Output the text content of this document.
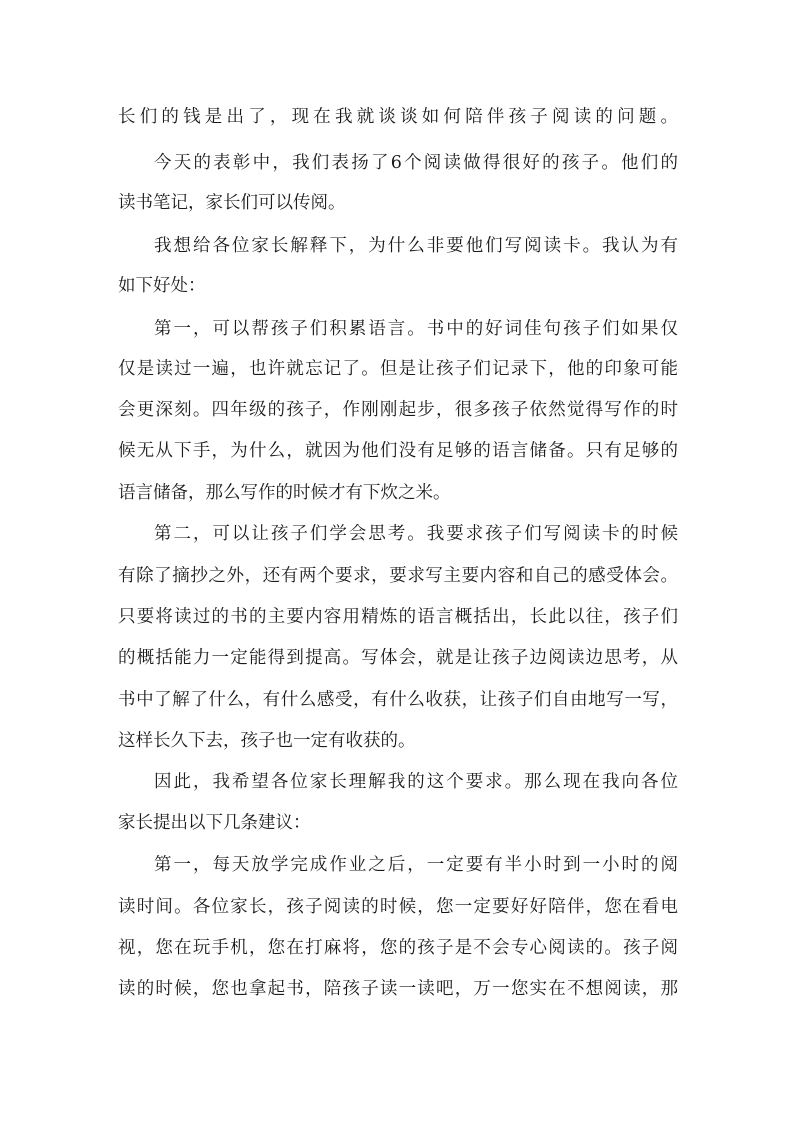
长们的钱是出了，现在我就谈谈如何陪伴孩子阅读的问题。
今天的表彰中，我们表扬了6个阅读做得很好的孩子。他们的
读书笔记，家长们可以传阅。
我想给各位家长解释下，为什么非要他们写阅读卡。我认为有
如下好处：
第一，可以帮孩子们积累语言。书中的好词佳句孩子们如果仅
仅是读过一遍，也许就忘记了。但是让孩子们记录下，他的印象可能
会更深刻。四年级的孩子，作刚刚起步，很多孩子依然觉得写作的时
候无从下手，为什么，就因为他们没有足够的语言储备。只有足够的
语言储备，那么写作的时候才有下炊之米。
第二，可以让孩子们学会思考。我要求孩子们写阅读卡的时候
有除了摘抄之外，还有两个要求，要求写主要内容和自己的感受体会。
只要将读过的书的主要内容用精炼的语言概括出，长此以往，孩子们
的概括能力一定能得到提高。写体会，就是让孩子边阅读边思考，从
书中了解了什么，有什么感受，有什么收获，让孩子们自由地写一写，
这样长久下去，孩子也一定有收获的。
因此，我希望各位家长理解我的这个要求。那么现在我向各位
家长提出以下几条建议：
第一，每天放学完成作业之后，一定要有半小时到一小时的阅
读时间。各位家长，孩子阅读的时候，您一定要好好陪伴，您在看电
视，您在玩手机，您在打麻将，您的孩子是不会专心阅读的。孩子阅
读的时候，您也拿起书，陪孩子读一读吧，万一您实在不想阅读，那
